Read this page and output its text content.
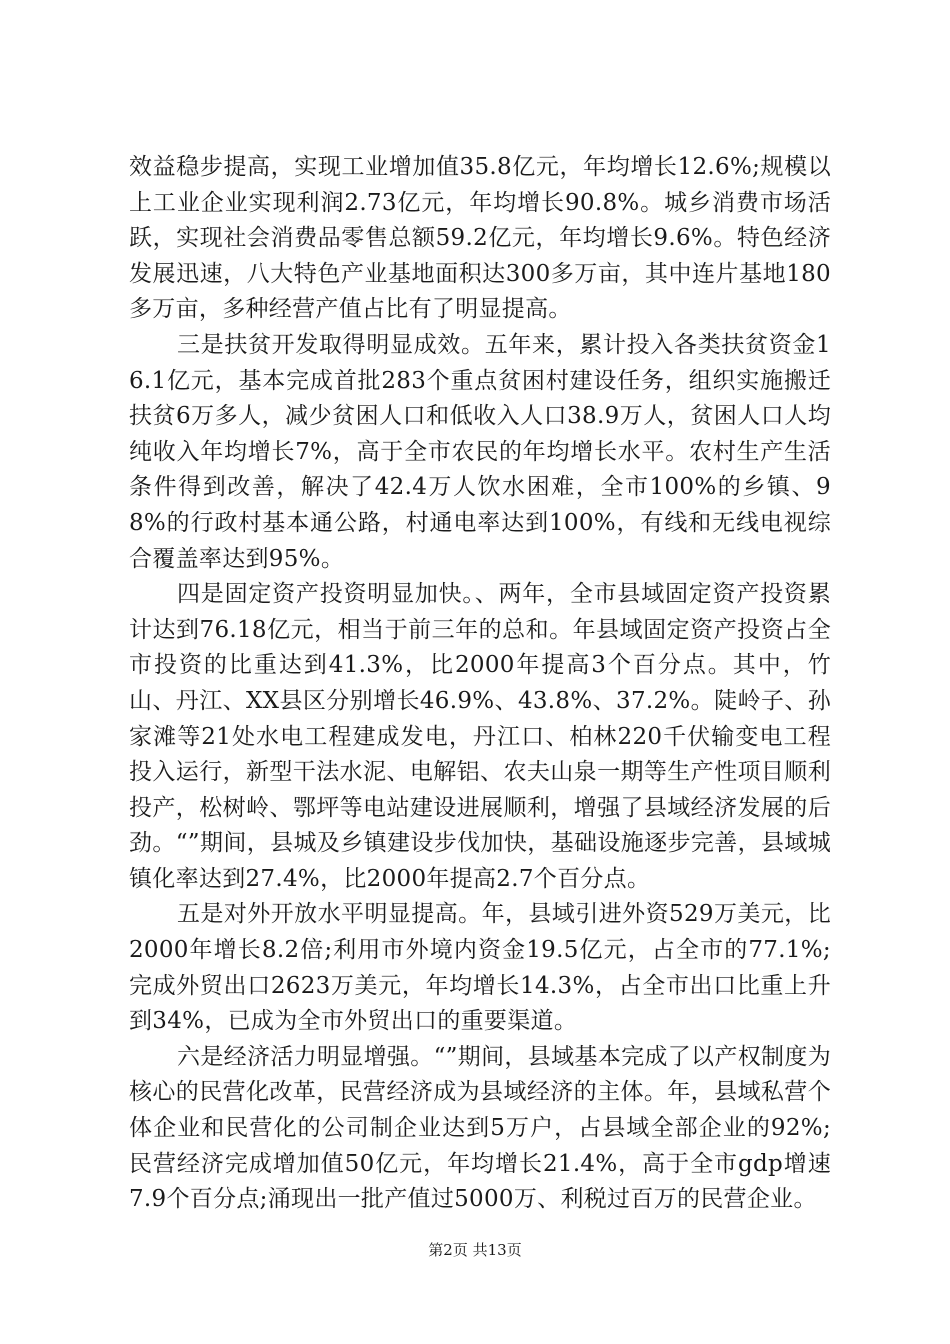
效益稳步提高，实现工业增加值35.8亿元，年均增长12.6%;规模以上工业企业实现利润2.73亿元，年均增长90.8%。城乡消费市场活跃，实现社会消费品零售总额59.2亿元，年均增长9.6%。特色经济发展迅速，八大特色产业基地面积达300多万亩，其中连片基地180多万亩，多种经营产值占比有了明显提高。

三是扶贫开发取得明显成效。五年来，累计投入各类扶贫资金16.1亿元，基本完成首批283个重点贫困村建设任务，组织实施搬迁扶贫6万多人，减少贫困人口和低收入人口38.9万人，贫困人口人均纯收入年均增长7%，高于全市农民的年均增长水平。农村生产生活条件得到改善，解决了42.4万人饮水困难，全市100%的乡镇、98%的行政村基本通公路，村通电率达到100%，有线和无线电视综合覆盖率达到95%。

四是固定资产投资明显加快。、两年，全市县域固定资产投资累计达到76.18亿元，相当于前三年的总和。年县域固定资产投资占全市投资的比重达到41.3%，比2000年提高3个百分点。其中，竹山、丹江、XX县区分别增长46.9%、43.8%、37.2%。陡岭子、孙家滩等21处水电工程建成发电，丹江口、柏林220千伏输变电工程投入运行，新型干法水泥、电解铝、农夫山泉一期等生产性项目顺利投产，松树岭、鄂坪等电站建设进展顺利，增强了县域经济发展的后劲。“”期间，县城及乡镇建设步伐加快，基础设施逐步完善，县域城镇化率达到27.4%，比2000年提高2.7个百分点。

五是对外开放水平明显提高。年，县域引进外资529万美元，比2000年增长8.2倍;利用市外境内资金19.5亿元，占全市的77.1%;完成外贸出口2623万美元，年均增长14.3%，占全市出口比重上升到34%，已成为全市外贸出口的重要渠道。

六是经济活力明显增强。“”期间，县域基本完成了以产权制度为核心的民营化改革，民营经济成为县域经济的主体。年，县域私营个体企业和民营化的公司制企业达到5万户，占县域全部企业的92%;民营经济完成增加值50亿元，年均增长21.4%，高于全市gdp增速7.9个百分点;涌现出一批产值过5000万、利税过百万的民营企业。

第2页 共13页
